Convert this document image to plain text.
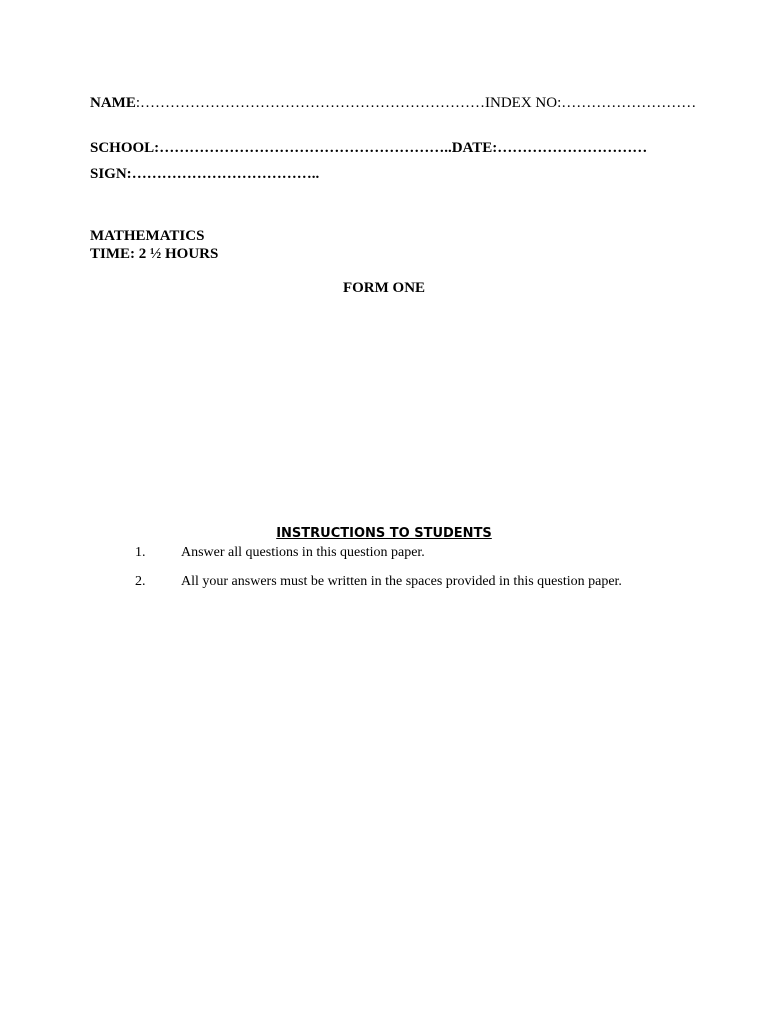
NAME:……………………………………………………………INDEX NO:………………………
SCHOOL:…………………………………………………..DATE:…………………………
SIGN:………………………………..
MATHEMATICS
TIME: 2 ½ HOURS
FORM ONE
INSTRUCTIONS TO STUDENTS
1.	Answer all questions in this question paper.
2.	All your answers must be written in the spaces provided in this question paper.
